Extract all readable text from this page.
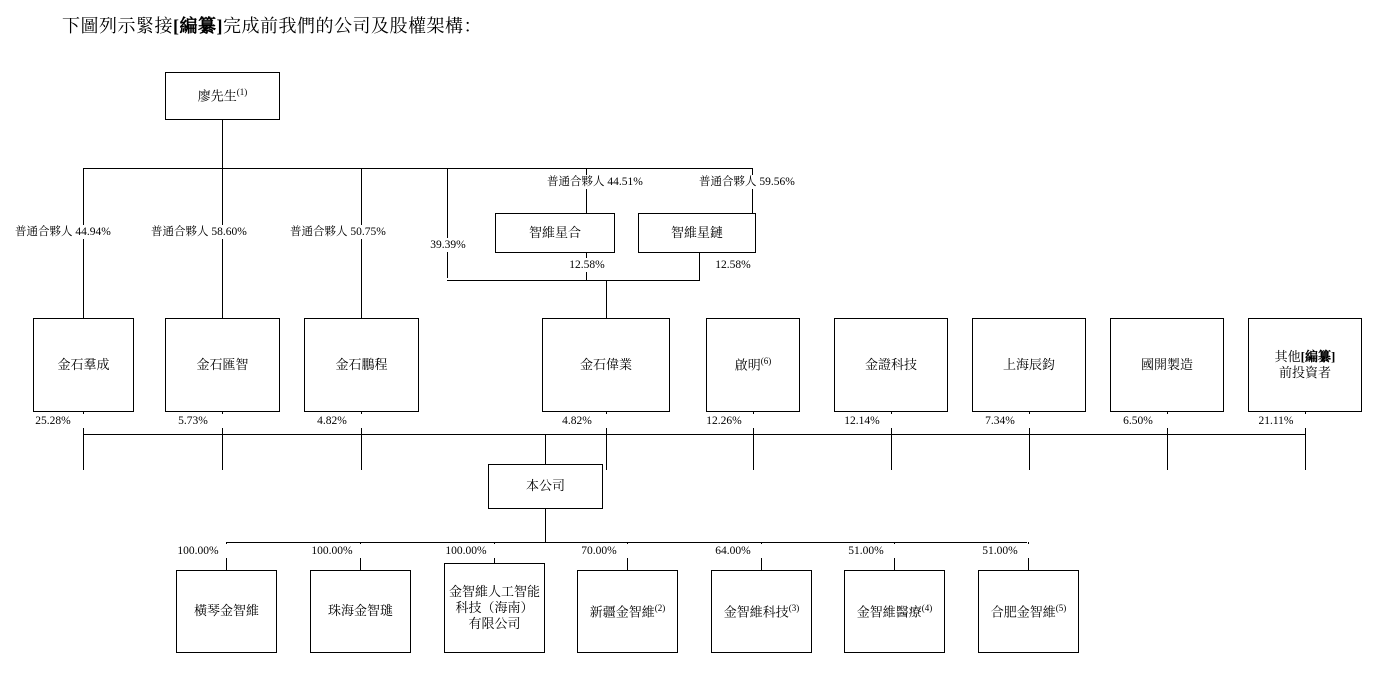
下圖列示緊接[編纂]完成前我們的公司及股權架構：
廖先生$^{(1)}$
智維星合	智維星鏈
金石羣成	金石匯智	金石鵬程	金石偉業	啟明$^{(6)}$	金證科技	上海辰鈞	國開製造
其他[編纂]
前投資者
本公司
橫琴金智維	珠海金智璡
金智維人工智能
科技（海南）
有限公司
新疆金智維$^{(2)}$	金智維科技$^{(3)}$	金智維醫療$^{(4)}$	合肥金智維$^{(5)}$
普通合夥人 44.94%	普通合夥人 58.60%	普通合夥人 50.75%
39.39%
普通合夥人 44.51%	普通合夥人 59.56%
12.58%	12.58%
25.28%	5.73%	4.82%	4.82%	12.26%	12.14%	7.34%	6.50%	21.11%
100.00%	100.00%	100.00%	70.00%	64.00%	51.00%	51.00%
